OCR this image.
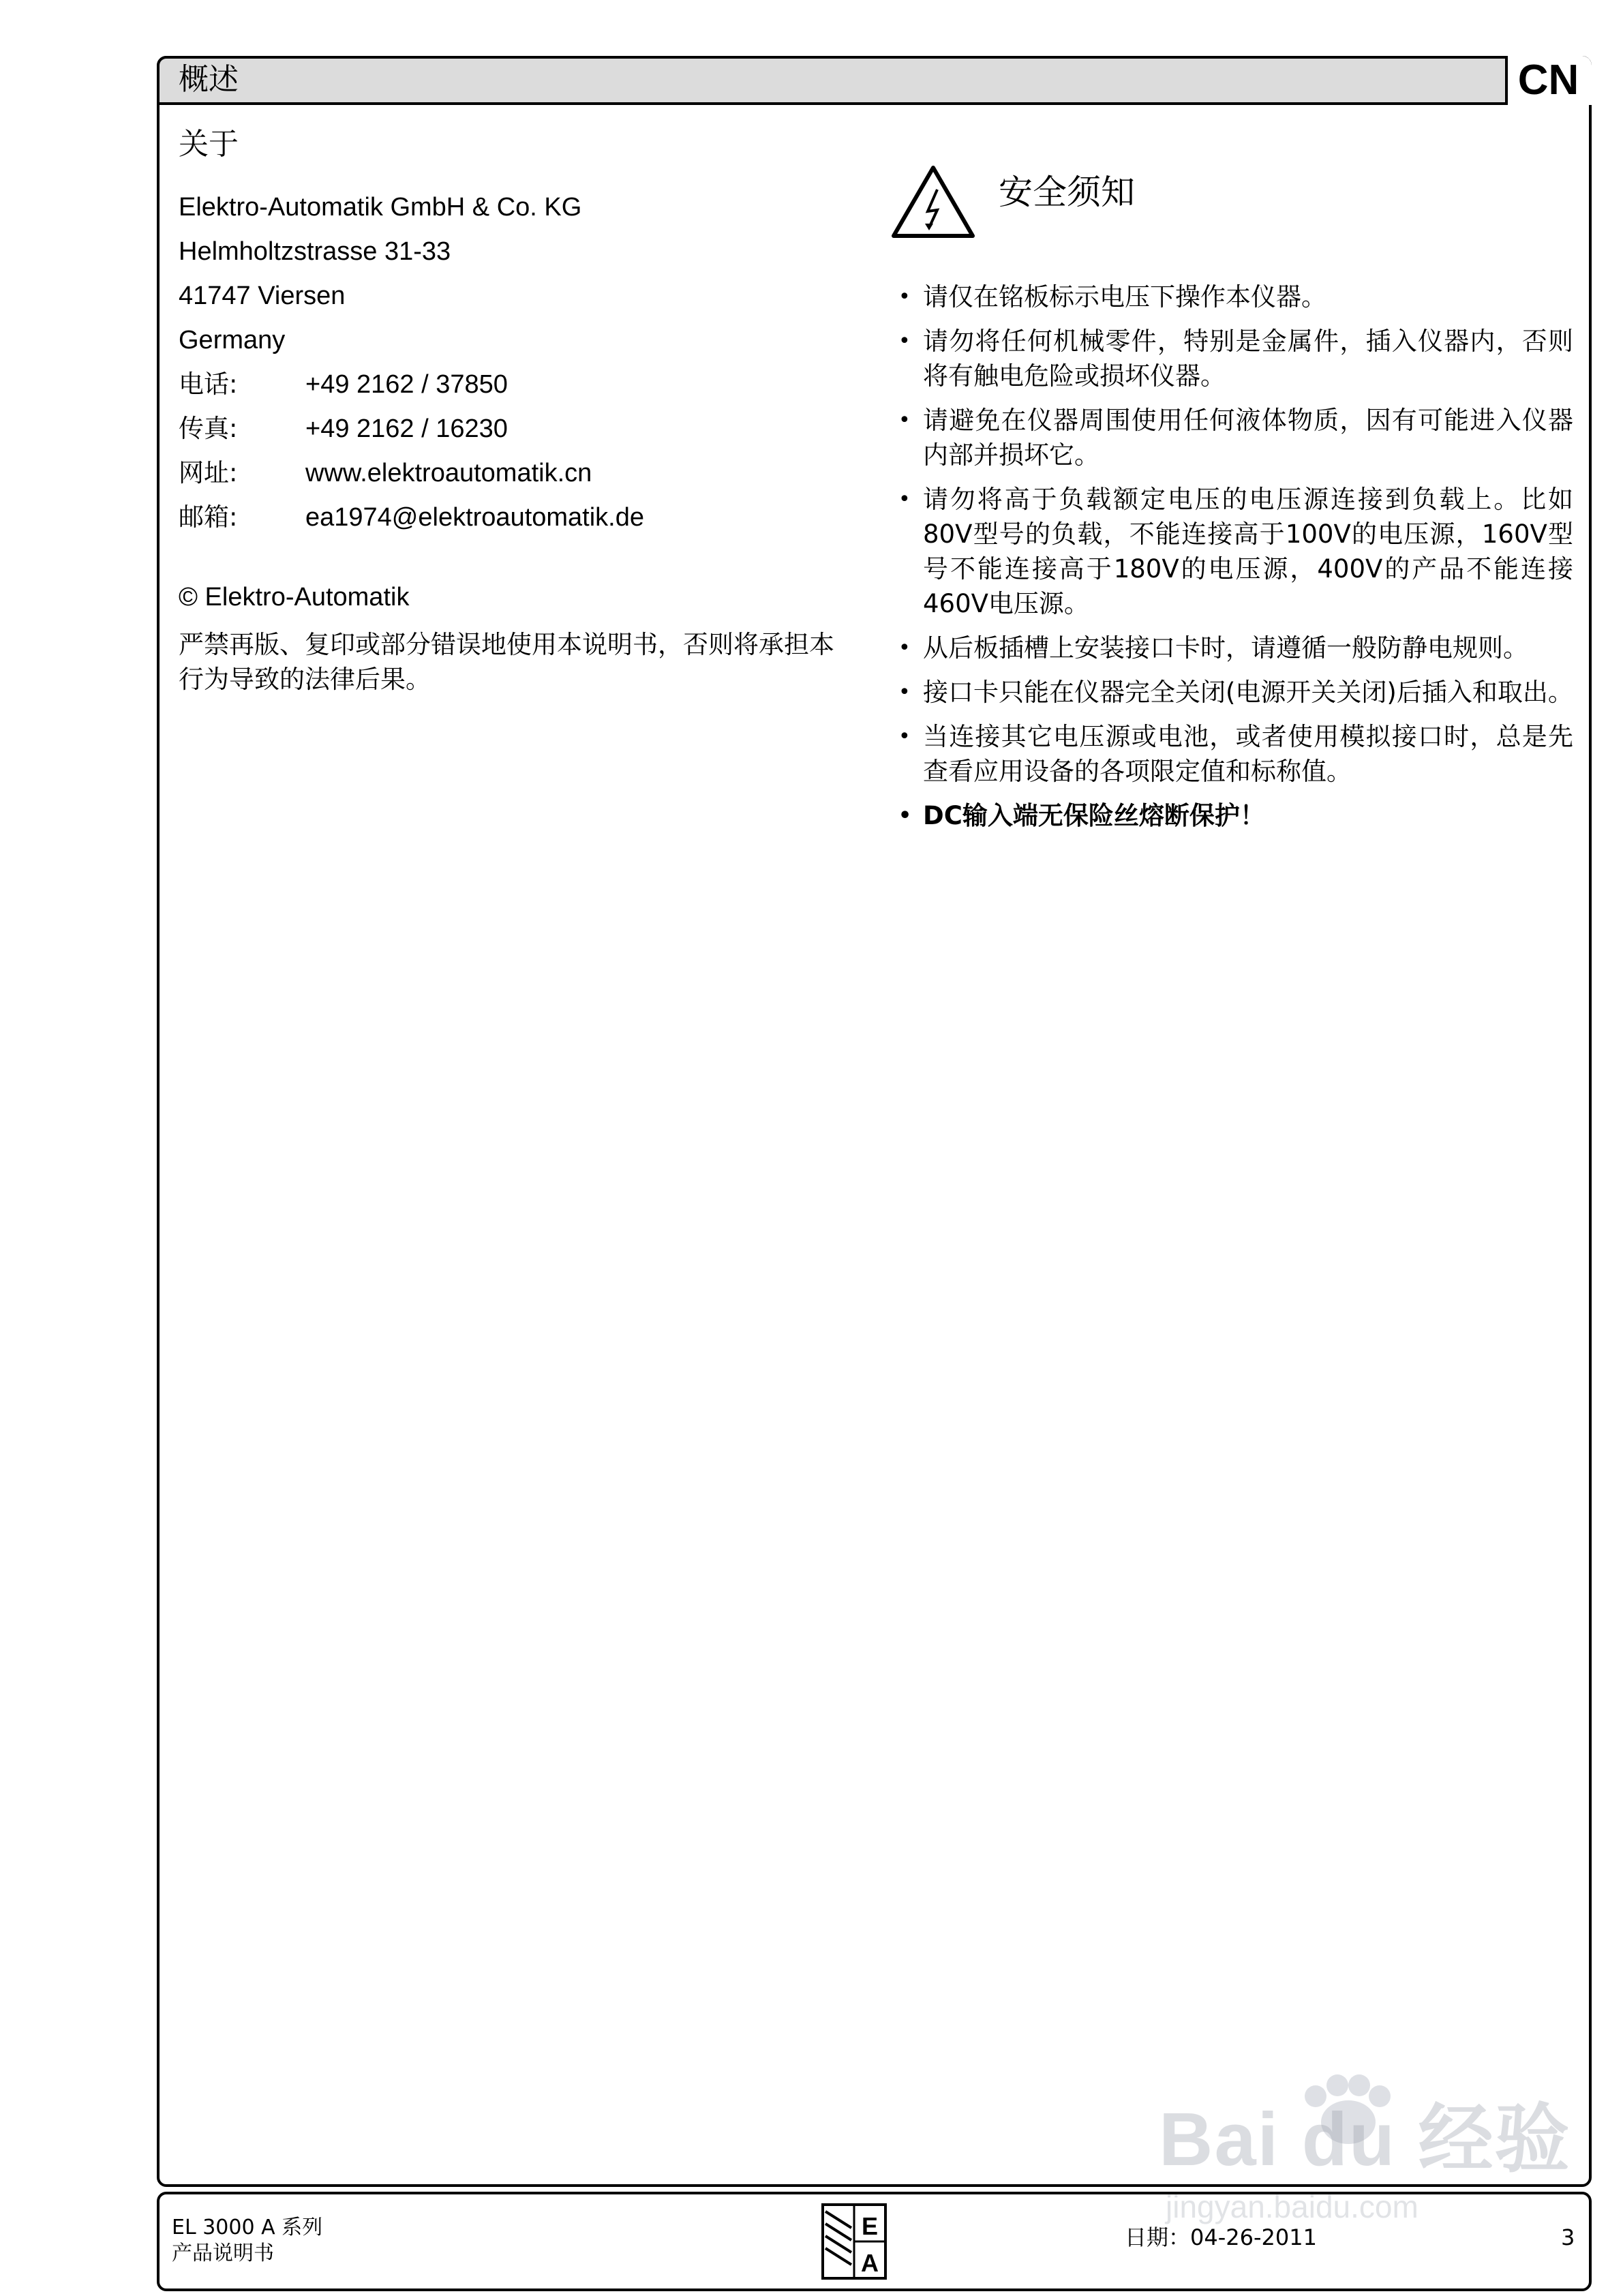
概述	CN
关于
Elektro-Automatik GmbH & Co. KG
Helmholtzstrasse 31-33
41747 Viersen
Germany
电话:	+49 2162 / 37850
传真:	+49 2162 / 16230
网址:	www.elektroautomatik.cn
邮箱:	ea1974@elektroautomatik.de
© Elektro-Automatik
严禁再版、复印或部分错误地使用本说明书，否则将承担本行为导致的法律后果。
安全须知
• 请仅在铭板标示电压下操作本仪器。
• 请勿将任何机械零件，特别是金属件，插入仪器内，否则将有触电危险或损坏仪器。
• 请避免在仪器周围使用任何液体物质，因有可能进入仪器内部并损坏它。
• 请勿将高于负载额定电压的电压源连接到负载上。比如80V型号的负载，不能连接高于100V的电压源，160V型号不能连接高于180V的电压源，400V的产品不能连接460V电压源。
• 从后板插槽上安装接口卡时，请遵循一般防静电规则。
• 接口卡只能在仪器完全关闭(电源开关关闭)后插入和取出。
• 当连接其它电压源或电池，或者使用模拟接口时，总是先查看应用设备的各项限定值和标称值。
• DC输入端无保险丝熔断保护！
Bai du 经验
jingyan.baidu.com
EL 3000 A 系列
产品说明书
E
A
日期：04-26-2011	3
